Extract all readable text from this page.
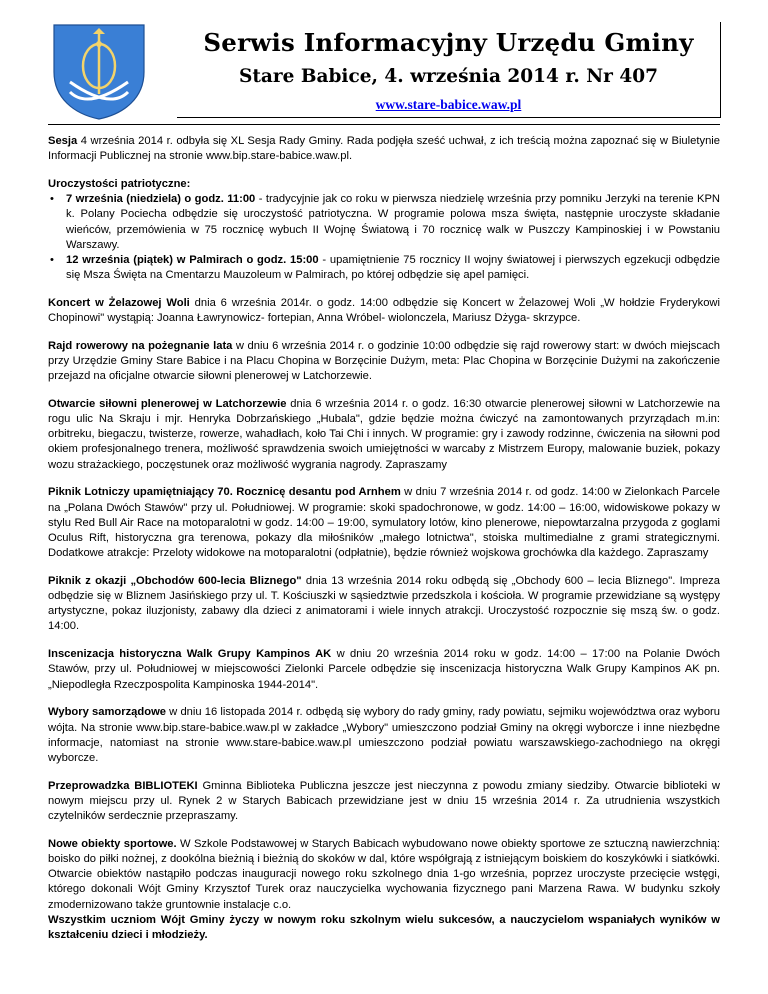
Serwis Informacyjny Urzędu Gminy
Stare Babice, 4. września 2014 r. Nr 407
www.stare-babice.waw.pl

Sesja 4 września 2014 r. odbyła się XL Sesja Rady Gminy. Rada podjęła sześć uchwał, z ich treścią można zapoznać się w Biuletynie Informacji Publicznej na stronie www.bip.stare-babice.waw.pl.

Uroczystości patriotyczne:
• 7 września (niedziela) o godz. 11:00 - tradycyjnie jak co roku w pierwsza niedzielę września przy pomniku Jerzyki na terenie KPN k. Polany Pociecha odbędzie się uroczystość patriotyczna. W programie polowa msza święta, następnie uroczyste składanie wieńców, przemówienia w 75 rocznicę wybuch II Wojnę Światową i 70 rocznicę walk w Puszczy Kampinoskiej i w Powstaniu Warszawy.
• 12 września (piątek) w Palmirach o godz. 15:00 - upamiętnienie 75 rocznicy II wojny światowej i pierwszych egzekucji odbędzie się Msza Święta na Cmentarzu Mauzoleum w Palmirach, po której odbędzie się apel pamięci.

Koncert w Żelazowej Woli dnia 6 września 2014r. o godz. 14:00 odbędzie się Koncert w Żelazowej Woli „W hołdzie Fryderykowi Chopinowi" wystąpią: Joanna Ławrynowicz- fortepian, Anna Wróbel- wiolonczela, Mariusz Dżyga- skrzypce.

Rajd rowerowy na pożegnanie lata w dniu 6 września 2014 r. o godzinie 10:00 odbędzie się rajd rowerowy start: w dwóch miejscach przy Urzędzie Gminy Stare Babice i na Placu Chopina w Borzęcinie Dużym, meta: Plac Chopina w Borzęcinie Dużymi na zakończenie przejazd na oficjalne otwarcie siłowni plenerowej w Latchorzewie.

Otwarcie siłowni plenerowej w Latchorzewie dnia 6 września 2014 r. o godz. 16:30 otwarcie plenerowej siłowni w Latchorzewie na rogu ulic Na Skraju i mjr. Henryka Dobrzańskiego „Hubala", gdzie będzie można ćwiczyć na zamontowanych przyrządach m.in: orbitreku, biegaczu, twisterze, rowerze, wahadłach, koło Tai Chi i innych. W programie: gry i zawody rodzinne, ćwiczenia na siłowni pod okiem profesjonalnego trenera, możliwość sprawdzenia swoich umiejętności w warcaby z Mistrzem Europy, malowanie buziek, pokazy wozu strażackiego, poczęstunek oraz możliwość wygrania nagrody. Zapraszamy

Piknik Lotniczy upamiętniający 70. Rocznicę desantu pod Arnhem w dniu 7 września 2014 r. od godz. 14:00 w Zielonkach Parcele na „Polana Dwóch Stawów" przy ul. Południowej. W programie: skoki spadochronowe, w godz. 14:00 – 16:00, widowiskowe pokazy w stylu Red Bull Air Race na motoparalotni w godz. 14:00 – 19:00, symulatory lotów, kino plenerowe, niepowtarzalna przygoda z goglami Oculus Rift, historyczna gra terenowa, pokazy dla miłośników „małego lotnictwa", stoiska multimedialne z grami strategicznymi. Dodatkowe atrakcje: Przeloty widokowe na motoparalotni (odpłatnie), będzie również wojskowa grochówka dla każdego. Zapraszamy

Piknik z okazji „Obchodów 600-lecia Bliznego" dnia 13 września 2014 roku odbędą się „Obchody 600 – lecia Bliznego". Impreza odbędzie się w Bliznem Jasińskiego przy ul. T. Kościuszki w sąsiedztwie przedszkola i kościoła. W programie przewidziane są występy artystyczne, pokaz iluzjonisty, zabawy dla dzieci z animatorami i wiele innych atrakcji. Uroczystość rozpocznie się mszą św. o godz. 14:00.

Inscenizacja historyczna Walk Grupy Kampinos AK w dniu 20 września 2014 roku w godz. 14:00 – 17:00 na Polanie Dwóch Stawów, przy ul. Południowej w miejscowości Zielonki Parcele odbędzie się inscenizacja historyczna Walk Grupy Kampinos AK pn. „Niepodległa Rzeczpospolita Kampinoska 1944-2014".

Wybory samorządowe w dniu 16 listopada 2014 r. odbędą się wybory do rady gminy, rady powiatu, sejmiku województwa oraz wyboru wójta. Na stronie www.bip.stare-babice.waw.pl w zakładce „Wybory" umieszczono podział Gminy na okręgi wyborcze i inne niezbędne informacje, natomiast na stronie www.stare-babice.waw.pl umieszczono podział powiatu warszawskiego-zachodniego na okręgi wyborcze.

Przeprowadzka BIBLIOTEKI Gminna Biblioteka Publiczna jeszcze jest nieczynna z powodu zmiany siedziby. Otwarcie biblioteki w nowym miejscu przy ul. Rynek 2 w Starych Babicach przewidziane jest w dniu 15 września 2014 r. Za utrudnienia wszystkich czytelników serdecznie przepraszamy.

Nowe obiekty sportowe. W Szkole Podstawowej w Starych Babicach wybudowano nowe obiekty sportowe ze sztuczną nawierzchnią: boisko do piłki nożnej, z dookólna bieżnią i bieżnią do skoków w dal, które współgrają z istniejącym boiskiem do koszykówki i siatkówki. Otwarcie obiektów nastąpiło podczas inauguracji nowego roku szkolnego dnia 1-go września, poprzez uroczyste przecięcie wstęgi, którego dokonali Wójt Gminy Krzysztof Turek oraz nauczycielka wychowania fizycznego pani Marzena Rawa. W budynku szkoły zmodernizowano także gruntownie instalacje c.o.
Wszystkim uczniom Wójt Gminy życzy w nowym roku szkolnym wielu sukcesów, a nauczycielom wspaniałych wyników w kształceniu dzieci i młodzieży.
